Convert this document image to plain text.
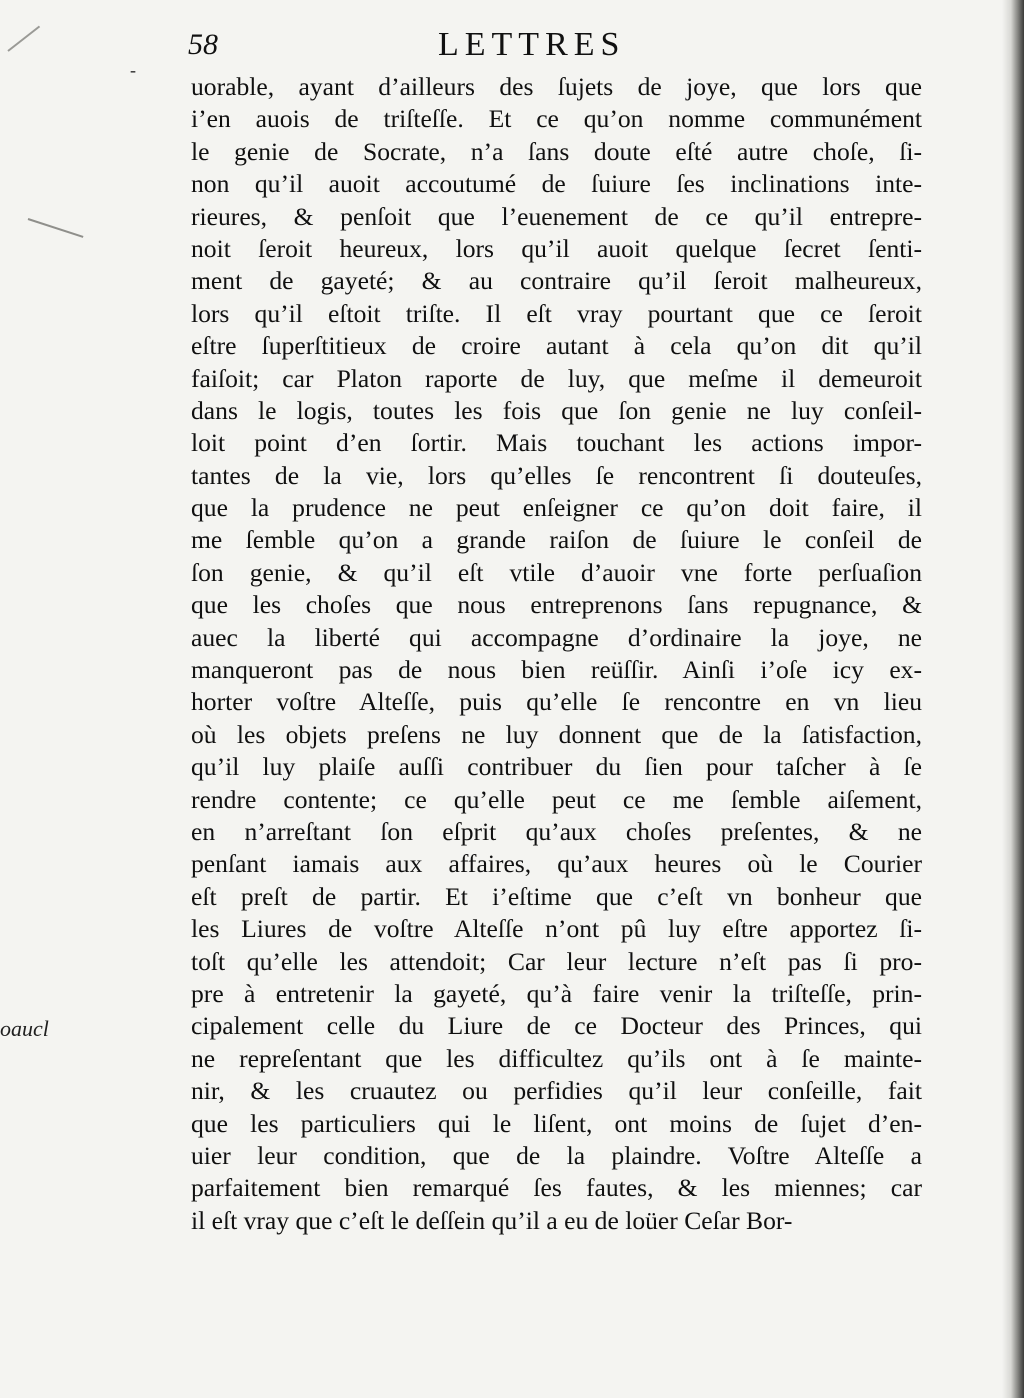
-
oaucl
58	LETTRES
uorable, ayant d’ailleurs des ſujets de joye, que lors que
i’en auois de triſteſſe. Et ce qu’on nomme communément
le genie de Socrate, n’a ſans doute eſté autre choſe, ſi-
non qu’il auoit accoutumé de ſuiure ſes inclinations inte-
rieures, & penſoit que l’euenement de ce qu’il entrepre-
noit ſeroit heureux, lors qu’il auoit quelque ſecret ſenti-
ment de gayeté; & au contraire qu’il ſeroit malheureux,
lors qu’il eſtoit triſte. Il eſt vray pourtant que ce ſeroit
eſtre ſuperſtitieux de croire autant à cela qu’on dit qu’il
faiſoit; car Platon raporte de luy, que meſme il demeuroit
dans le logis, toutes les fois que ſon genie ne luy conſeil-
loit point d’en ſortir. Mais touchant les actions impor-
tantes de la vie, lors qu’elles ſe rencontrent ſi douteuſes,
que la prudence ne peut enſeigner ce qu’on doit faire, il
me ſemble qu’on a grande raiſon de ſuiure le conſeil de
ſon genie, & qu’il eſt vtile d’auoir vne forte perſuaſion
que les choſes que nous entreprenons ſans repugnance, &
auec la liberté qui accompagne d’ordinaire la joye, ne
manqueront pas de nous bien reüſſir. Ainſi i’oſe icy ex-
horter voſtre Alteſſe, puis qu’elle ſe rencontre en vn lieu
où les objets preſens ne luy donnent que de la ſatisfaction,
qu’il luy plaiſe auſſi contribuer du ſien pour taſcher à ſe
rendre contente; ce qu’elle peut ce me ſemble aiſement,
en n’arreſtant ſon eſprit qu’aux choſes preſentes, & ne
penſant iamais aux affaires, qu’aux heures où le Courier
eſt preſt de partir. Et i’eſtime que c’eſt vn bonheur que
les Liures de voſtre Alteſſe n’ont pû luy eſtre apportez ſi-
toſt qu’elle les attendoit; Car leur lecture n’eſt pas ſi pro-
pre à entretenir la gayeté, qu’à faire venir la triſteſſe, prin-
cipalement celle du Liure de ce Docteur des Princes, qui
ne repreſentant que les difficultez qu’ils ont à ſe mainte-
nir, & les cruautez ou perfidies qu’il leur conſeille, fait
que les particuliers qui le liſent, ont moins de ſujet d’en-
uier leur condition, que de la plaindre. Voſtre Alteſſe a
parfaitement bien remarqué ſes fautes, & les miennes; car
il eſt vray que c’eſt le deſſein qu’il a eu de loüer Ceſar Bor-
